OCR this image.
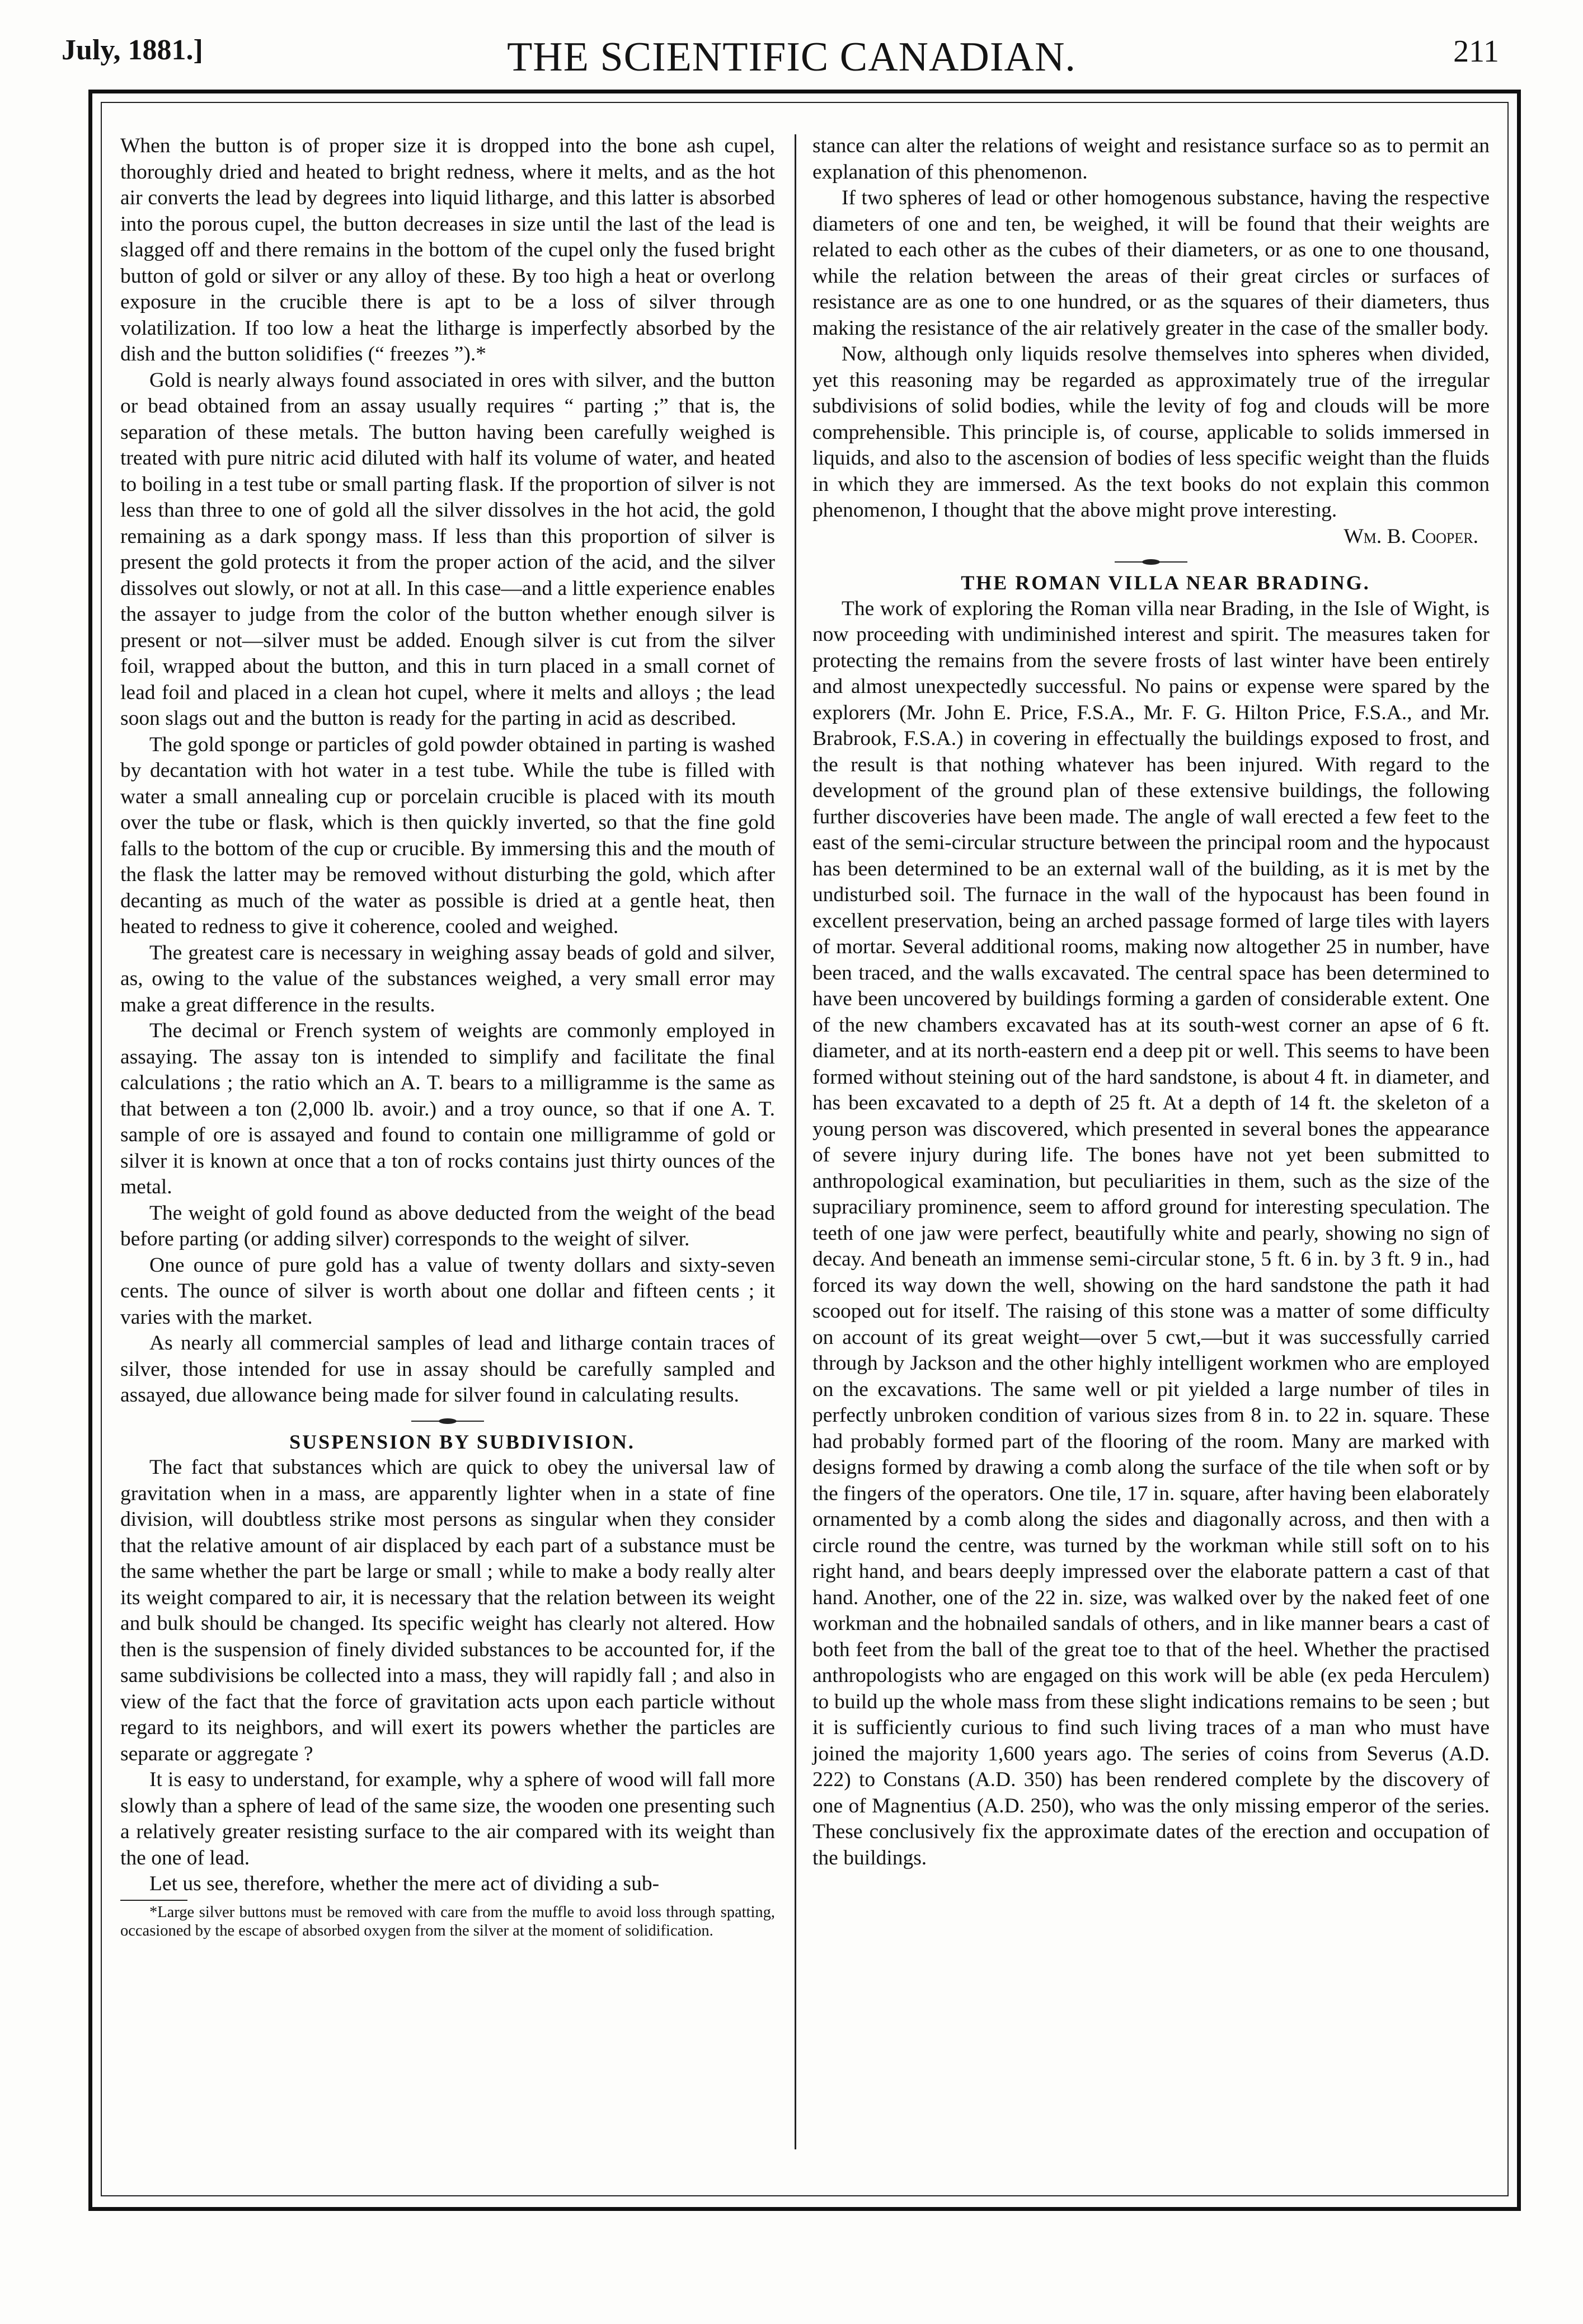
July, 1881.]	THE SCIENTIFIC CANADIAN.	211

When the button is of proper size it is dropped into the bone ash cupel, thoroughly dried and heated to bright redness, where it melts, and as the hot air converts the lead by degrees into liquid litharge, and this latter is absorbed into the porous cupel, the button decreases in size until the last of the lead is slagged off and there remains in the bottom of the cupel only the fused bright button of gold or silver or any alloy of these. By too high a heat or overlong exposure in the crucible there is apt to be a loss of silver through volatilization. If too low a heat the litharge is imperfectly absorbed by the dish and the button solidifies (“ freezes ”).*

Gold is nearly always found associated in ores with silver, and the button or bead obtained from an assay usually requires “ parting ;” that is, the separation of these metals. The button having been carefully weighed is treated with pure nitric acid diluted with half its volume of water, and heated to boiling in a test tube or small parting flask. If the proportion of silver is not less than three to one of gold all the silver dissolves in the hot acid, the gold remaining as a dark spongy mass. If less than this proportion of silver is present the gold protects it from the proper action of the acid, and the silver dissolves out slowly, or not at all. In this case—and a little experience enables the assayer to judge from the color of the button whether enough silver is present or not—silver must be added. Enough silver is cut from the silver foil, wrapped about the button, and this in turn placed in a small cornet of lead foil and placed in a clean hot cupel, where it melts and alloys ; the lead soon slags out and the button is ready for the parting in acid as described.

The gold sponge or particles of gold powder obtained in parting is washed by decantation with hot water in a test tube. While the tube is filled with water a small annealing cup or porcelain crucible is placed with its mouth over the tube or flask, which is then quickly inverted, so that the fine gold falls to the bottom of the cup or crucible. By immersing this and the mouth of the flask the latter may be removed without disturbing the gold, which after decanting as much of the water as possible is dried at a gentle heat, then heated to redness to give it coherence, cooled and weighed.

The greatest care is necessary in weighing assay beads of gold and silver, as, owing to the value of the substances weighed, a very small error may make a great difference in the results.

The decimal or French system of weights are commonly employed in assaying. The assay ton is intended to simplify and facilitate the final calculations ; the ratio which an A. T. bears to a milligramme is the same as that between a ton (2,000 lb. avoir.) and a troy ounce, so that if one A. T. sample of ore is assayed and found to contain one milligramme of gold or silver it is known at once that a ton of rocks contains just thirty ounces of the metal.

The weight of gold found as above deducted from the weight of the bead before parting (or adding silver) corresponds to the weight of silver.

One ounce of pure gold has a value of twenty dollars and sixty-seven cents. The ounce of silver is worth about one dollar and fifteen cents ; it varies with the market.

As nearly all commercial samples of lead and litharge contain traces of silver, those intended for use in assay should be carefully sampled and assayed, due allowance being made for silver found in calculating results.

SUSPENSION BY SUBDIVISION.

The fact that substances which are quick to obey the universal law of gravitation when in a mass, are apparently lighter when in a state of fine division, will doubtless strike most persons as singular when they consider that the relative amount of air displaced by each part of a substance must be the same whether the part be large or small ; while to make a body really alter its weight compared to air, it is necessary that the relation between its weight and bulk should be changed. Its specific weight has clearly not altered. How then is the suspension of finely divided substances to be accounted for, if the same subdivisions be collected into a mass, they will rapidly fall ; and also in view of the fact that the force of gravitation acts upon each particle without regard to its neighbors, and will exert its powers whether the particles are separate or aggregate ?

It is easy to understand, for example, why a sphere of wood will fall more slowly than a sphere of lead of the same size, the wooden one presenting such a relatively greater resisting surface to the air compared with its weight than the one of lead.

Let us see, therefore, whether the mere act of dividing a sub-

*Large silver buttons must be removed with care from the muffle to avoid loss through spatting, occasioned by the escape of absorbed oxygen from the silver at the moment of solidification.

stance can alter the relations of weight and resistance surface so as to permit an explanation of this phenomenon.

If two spheres of lead or other homogenous substance, having the respective diameters of one and ten, be weighed, it will be found that their weights are related to each other as the cubes of their diameters, or as one to one thousand, while the relation between the areas of their great circles or surfaces of resistance are as one to one hundred, or as the squares of their diameters, thus making the resistance of the air relatively greater in the case of the smaller body.

Now, although only liquids resolve themselves into spheres when divided, yet this reasoning may be regarded as approximately true of the irregular subdivisions of solid bodies, while the levity of fog and clouds will be more comprehensible. This principle is, of course, applicable to solids immersed in liquids, and also to the ascension of bodies of less specific weight than the fluids in which they are immersed. As the text books do not explain this common phenomenon, I thought that the above might prove interesting.

Wm. B. Cooper.

THE ROMAN VILLA NEAR BRADING.

The work of exploring the Roman villa near Brading, in the Isle of Wight, is now proceeding with undiminished interest and spirit. The measures taken for protecting the remains from the severe frosts of last winter have been entirely and almost unexpectedly successful. No pains or expense were spared by the explorers (Mr. John E. Price, F.S.A., Mr. F. G. Hilton Price, F.S.A., and Mr. Brabrook, F.S.A.) in covering in effectually the buildings exposed to frost, and the result is that nothing whatever has been injured. With regard to the development of the ground plan of these extensive buildings, the following further discoveries have been made. The angle of wall erected a few feet to the east of the semi-circular structure between the principal room and the hypocaust has been determined to be an external wall of the building, as it is met by the undisturbed soil. The furnace in the wall of the hypocaust has been found in excellent preservation, being an arched passage formed of large tiles with layers of mortar. Several additional rooms, making now altogether 25 in number, have been traced, and the walls excavated. The central space has been determined to have been uncovered by buildings forming a garden of considerable extent. One of the new chambers excavated has at its south-west corner an apse of 6 ft. diameter, and at its north-eastern end a deep pit or well. This seems to have been formed without steining out of the hard sandstone, is about 4 ft. in diameter, and has been excavated to a depth of 25 ft. At a depth of 14 ft. the skeleton of a young person was discovered, which presented in several bones the appearance of severe injury during life. The bones have not yet been submitted to anthropological examination, but peculiarities in them, such as the size of the supraciliary prominence, seem to afford ground for interesting speculation. The teeth of one jaw were perfect, beautifully white and pearly, showing no sign of decay. And beneath an immense semi-circular stone, 5 ft. 6 in. by 3 ft. 9 in., had forced its way down the well, showing on the hard sandstone the path it had scooped out for itself. The raising of this stone was a matter of some difficulty on account of its great weight—over 5 cwt,—but it was successfully carried through by Jackson and the other highly intelligent workmen who are employed on the excavations. The same well or pit yielded a large number of tiles in perfectly unbroken condition of various sizes from 8 in. to 22 in. square. These had probably formed part of the flooring of the room. Many are marked with designs formed by drawing a comb along the surface of the tile when soft or by the fingers of the operators. One tile, 17 in. square, after having been elaborately ornamented by a comb along the sides and diagonally across, and then with a circle round the centre, was turned by the workman while still soft on to his right hand, and bears deeply impressed over the elaborate pattern a cast of that hand. Another, one of the 22 in. size, was walked over by the naked feet of one workman and the hobnailed sandals of others, and in like manner bears a cast of both feet from the ball of the great toe to that of the heel. Whether the practised anthropologists who are engaged on this work will be able (ex peda Herculem) to build up the whole mass from these slight indications remains to be seen ; but it is sufficiently curious to find such living traces of a man who must have joined the majority 1,600 years ago. The series of coins from Severus (A.D. 222) to Constans (A.D. 350) has been rendered complete by the discovery of one of Magnentius (A.D. 250), who was the only missing emperor of the series. These conclusively fix the approximate dates of the erection and occupation of the buildings.
